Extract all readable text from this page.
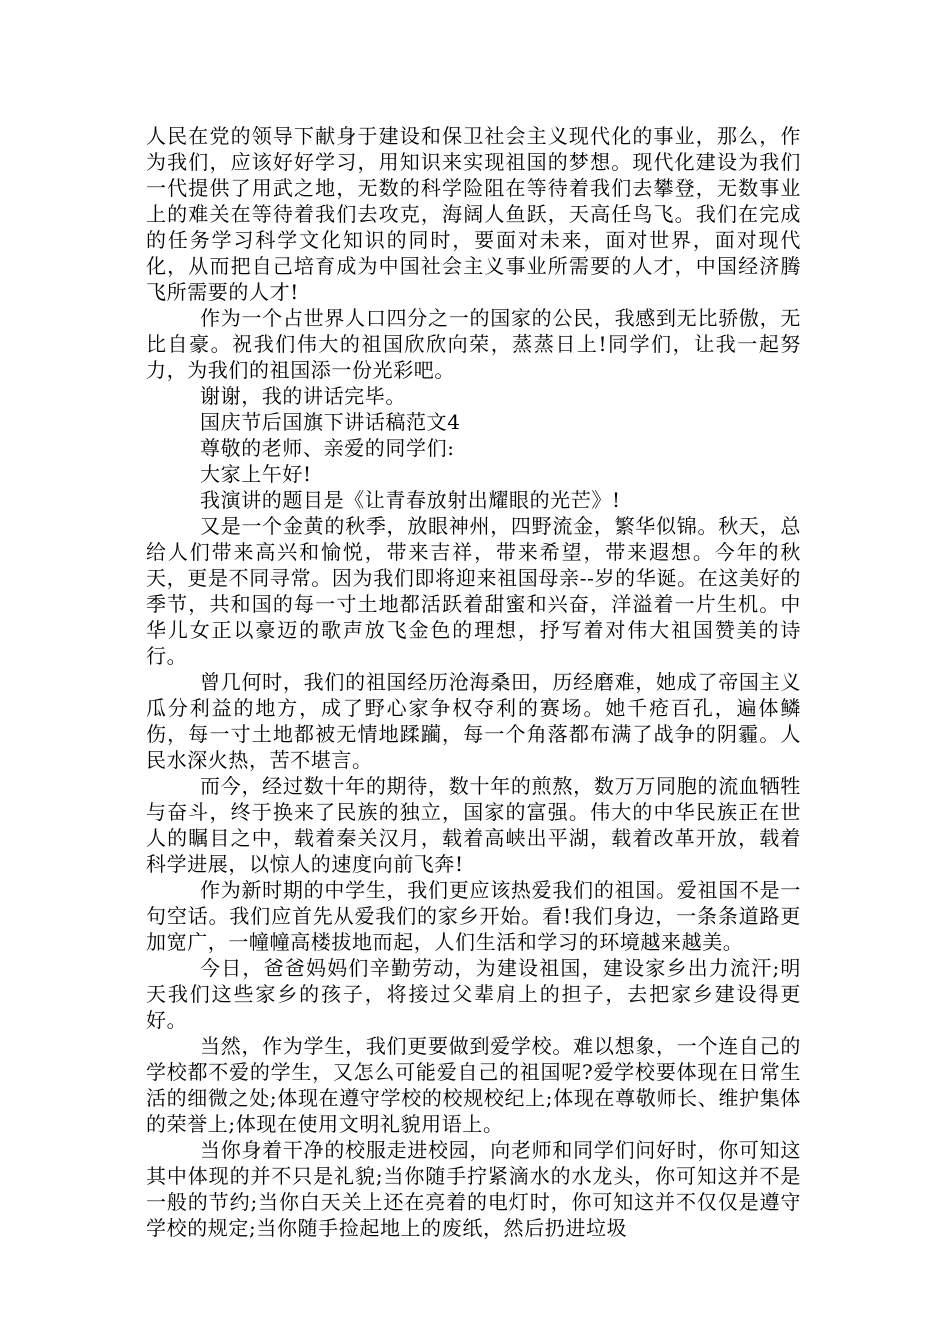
人民在党的领导下献身于建设和保卫社会主义现代化的事业，那么，作为我们，应该好好学习，用知识来实现祖国的梦想。现代化建设为我们一代提供了用武之地，无数的科学险阻在等待着我们去攀登，无数事业上的难关在等待着我们去攻克，海阔人鱼跃，天高任鸟飞。我们在完成的任务学习科学文化知识的同时，要面对未来，面对世界，面对现代化，从而把自己培育成为中国社会主义事业所需要的人才，中国经济腾飞所需要的人才!

作为一个占世界人口四分之一的国家的公民，我感到无比骄傲，无比自豪。祝我们伟大的祖国欣欣向荣，蒸蒸日上!同学们，让我一起努力，为我们的祖国添一份光彩吧。

谢谢，我的讲话完毕。

国庆节后国旗下讲话稿范文4

尊敬的老师、亲爱的同学们:

大家上午好!

我演讲的题目是《让青春放射出耀眼的光芒》!

又是一个金黄的秋季，放眼神州，四野流金，繁华似锦。秋天，总给人们带来高兴和愉悦，带来吉祥，带来希望，带来遐想。今年的秋天，更是不同寻常。因为我们即将迎来祖国母亲--岁的华诞。在这美好的季节，共和国的每一寸土地都活跃着甜蜜和兴奋，洋溢着一片生机。中华儿女正以豪迈的歌声放飞金色的理想，抒写着对伟大祖国赞美的诗行。

曾几何时，我们的祖国经历沧海桑田，历经磨难，她成了帝国主义瓜分利益的地方，成了野心家争权夺利的赛场。她千疮百孔，遍体鳞伤，每一寸土地都被无情地蹂躏，每一个角落都布满了战争的阴霾。人民水深火热，苦不堪言。

而今，经过数十年的期待，数十年的煎熬，数万万同胞的流血牺牲与奋斗，终于换来了民族的独立，国家的富强。伟大的中华民族正在世人的瞩目之中，载着秦关汉月，载着高峡出平湖，载着改革开放，载着科学进展，以惊人的速度向前飞奔!

作为新时期的中学生，我们更应该热爱我们的祖国。爱祖国不是一句空话。我们应首先从爱我们的家乡开始。看!我们身边，一条条道路更加宽广，一幢幢高楼拔地而起，人们生活和学习的环境越来越美。

今日，爸爸妈妈们辛勤劳动，为建设祖国，建设家乡出力流汗;明天我们这些家乡的孩子，将接过父辈肩上的担子，去把家乡建设得更好。

当然，作为学生，我们更要做到爱学校。难以想象，一个连自己的学校都不爱的学生，又怎么可能爱自己的祖国呢?爱学校要体现在日常生活的细微之处;体现在遵守学校的校规校纪上;体现在尊敬师长、维护集体的荣誉上;体现在使用文明礼貌用语上。

当你身着干净的校服走进校园，向老师和同学们问好时，你可知这其中体现的并不只是礼貌;当你随手拧紧滴水的水龙头，你可知这并不是一般的节约;当你白天关上还在亮着的电灯时，你可知这并不仅仅是遵守学校的规定;当你随手捡起地上的废纸，然后扔进垃圾
